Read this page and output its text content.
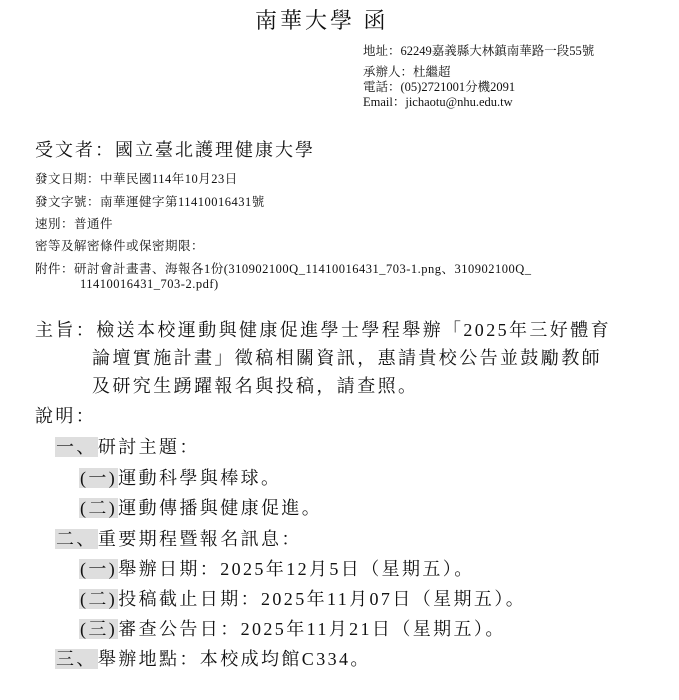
南華大學 函
地址：62249嘉義縣大林鎮南華路一段55號
承辦人：杜繼超
電話：(05)2721001分機2091
Email：jichaotu@nhu.edu.tw
受文者：國立臺北護理健康大學
發文日期：中華民國114年10月23日
發文字號：南華運健字第11410016431號
速別：普通件
密等及解密條件或保密期限：
附件：研討會計畫書、海報各1份(310902100Q_11410016431_703-1.png、310902100Q_
11410016431_703-2.pdf)
主旨：檢送本校運動與健康促進學士學程舉辦「2025年三好體育
論壇實施計畫」徵稿相關資訊，惠請貴校公告並鼓勵教師
及研究生踴躍報名與投稿，請查照。
說明：
一、研討主題：
(一)運動科學與棒球。
(二)運動傳播與健康促進。
二、重要期程暨報名訊息：
(一)舉辦日期：2025年12月5日（星期五）。
(二)投稿截止日期：2025年11月07日（星期五）。
(三)審查公告日：2025年11月21日（星期五）。
三、舉辦地點：本校成均館C334。
